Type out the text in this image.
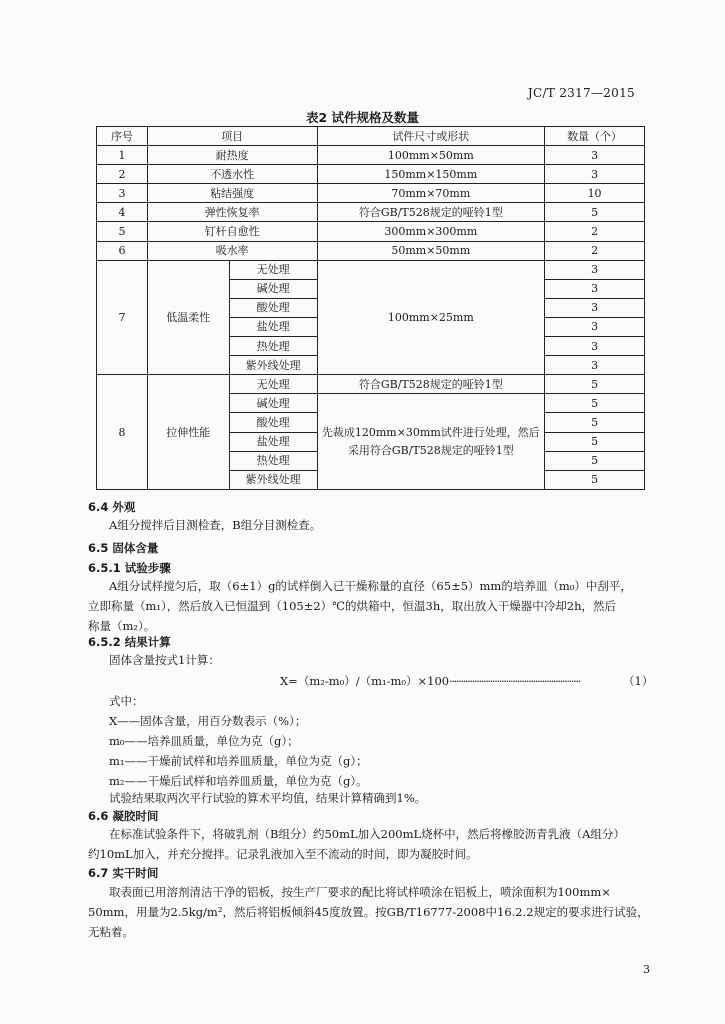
JC/T 2317—2015
表2 试件规格及数量
序号	项目		试件尺寸或形状	数量（个）
1	耐热度		100mm×50mm	3
2	不透水性		150mm×150mm	3
3	粘结强度		70mm×70mm	10
4	弹性恢复率		符合GB/T528规定的哑铃1型	5
5	钉杆自愈性		300mm×300mm	2
6	吸水率		50mm×50mm	2
7	低温柔性	无处理	100mm×25mm	3
		碱处理		3
		酸处理		3
		盐处理		3
		热处理		3
		紫外线处理		3
8	拉伸性能	无处理	符合GB/T528规定的哑铃1型	5
		碱处理	先裁成120mm×30mm试件进行处理，然后
采用符合GB/T528规定的哑铃1型	5
		酸处理		5
		盐处理		5
		热处理		5
		紫外线处理		5
6.4 外观
A组分搅拌后目测检查，B组分目测检查。
6.5 固体含量
6.5.1 试验步骤
A组分试样搅匀后，取（6±1）g的试样倒入已干燥称量的直径（65±5）mm的培养皿（m₀）中刮平，
立即称量（m₁），然后放入已恒温到（105±2）℃的烘箱中，恒温3h，取出放入干燥器中冷却2h，然后
称量（m₂）。
6.5.2 结果计算
固体含量按式1计算：
X=（m₂-m₀）/（m₁-m₀）×100··························································	（1）
式中：
X——固体含量，用百分数表示（%）；
m₀——培养皿质量，单位为克（g）；
m₁——干燥前试样和培养皿质量，单位为克（g）；
m₂——干燥后试样和培养皿质量，单位为克（g）。
试验结果取两次平行试验的算术平均值，结果计算精确到1%。
6.6 凝胶时间
在标准试验条件下，将破乳剂（B组分）约50mL加入200mL烧杯中，然后将橡胶沥青乳液（A组分）
约10mL加入，并充分搅拌。记录乳液加入至不流动的时间，即为凝胶时间。
6.7 实干时间
取表面已用溶剂清洁干净的铝板，按生产厂要求的配比将试样喷涂在铝板上，喷涂面积为100mm×
50mm，用量为2.5kg/m²，然后将铝板倾斜45度放置。按GB/T16777-2008中16.2.2规定的要求进行试验，
无粘着。
3
